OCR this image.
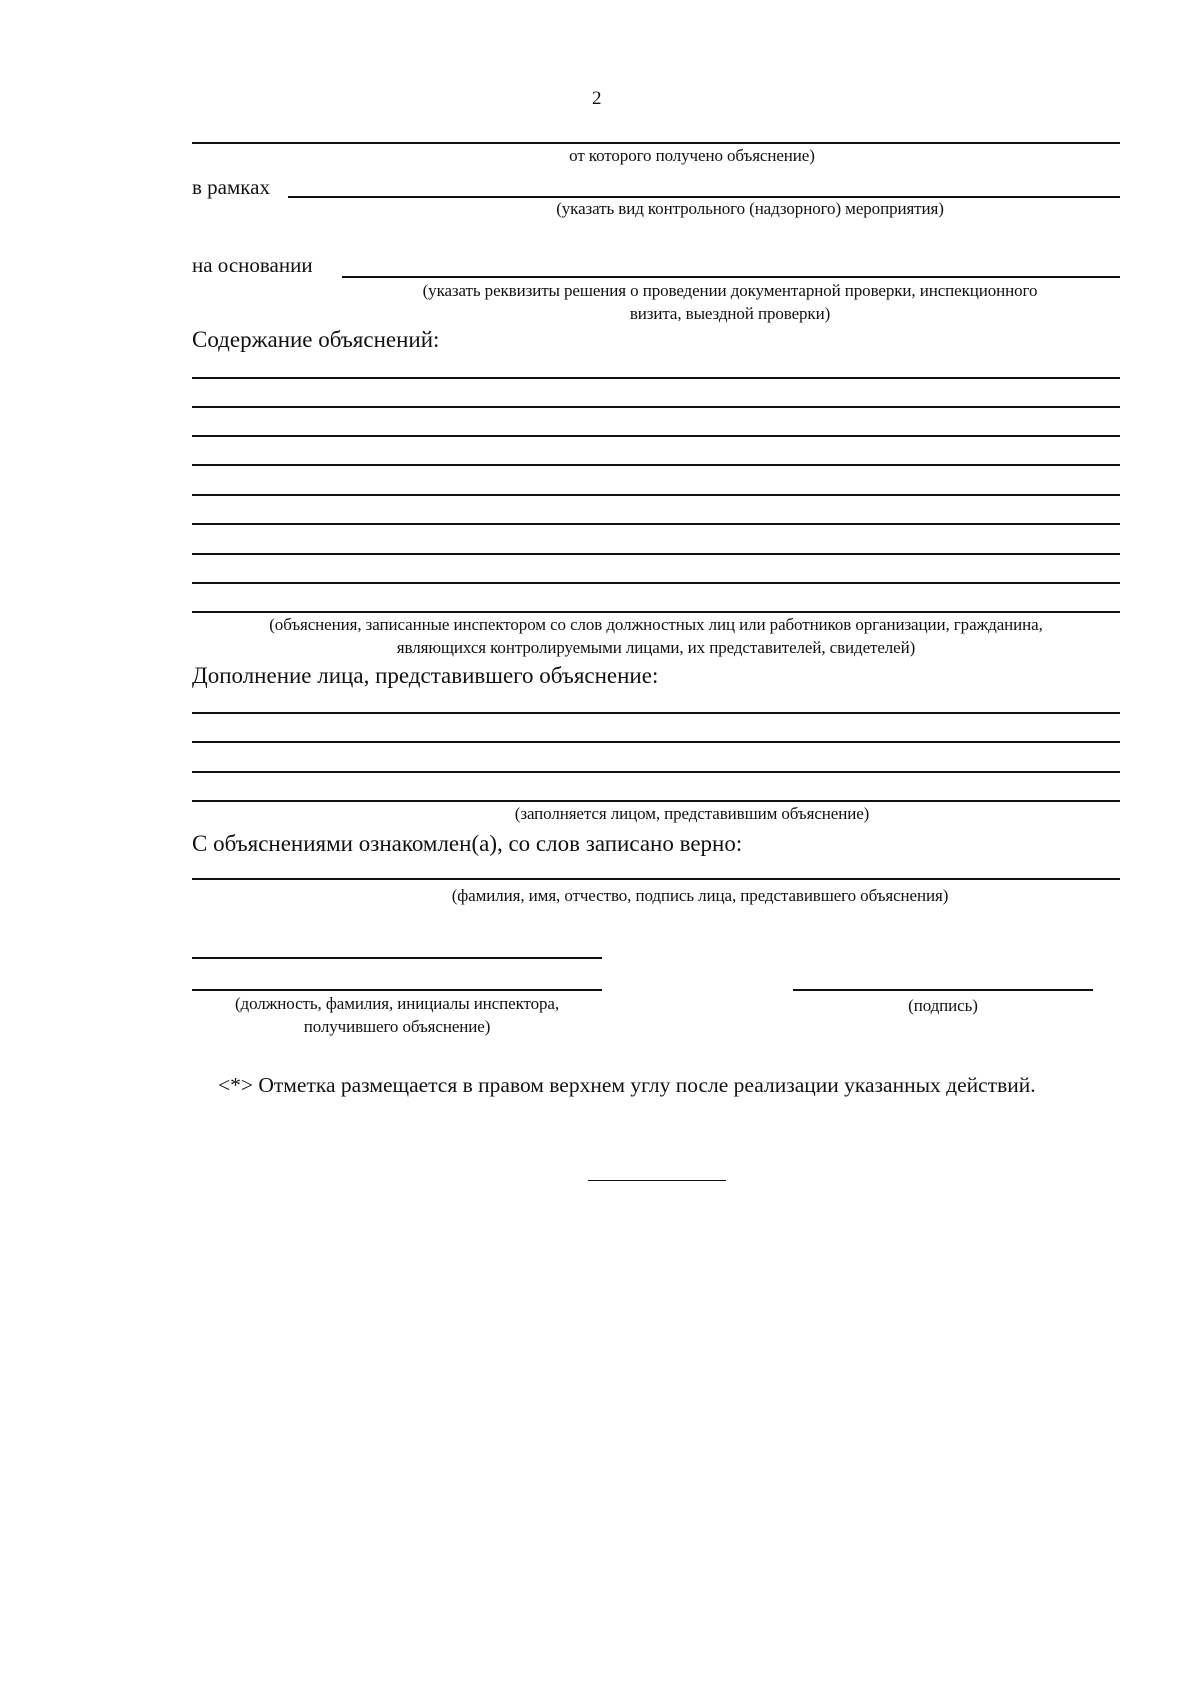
2
от которого получено объяснение)
в рамках
(указать вид контрольного (надзорного) мероприятия)
на основании
(указать реквизиты решения о проведении документарной проверки, инспекционного
визита, выездной проверки)
Содержание объяснений:
(объяснения, записанные инспектором со слов должностных лиц или работников организации, гражданина,
являющихся контролируемыми лицами, их представителей, свидетелей)
Дополнение лица, представившего объяснение:
(заполняется лицом, представившим объяснение)
С объяснениями ознакомлен(а), со слов записано верно:
(фамилия, имя, отчество, подпись лица, представившего объяснения)
(должность, фамилия, инициалы инспектора,
получившего объяснение)
(подпись)
<*> Отметка размещается в правом верхнем углу после реализации указанных действий.
